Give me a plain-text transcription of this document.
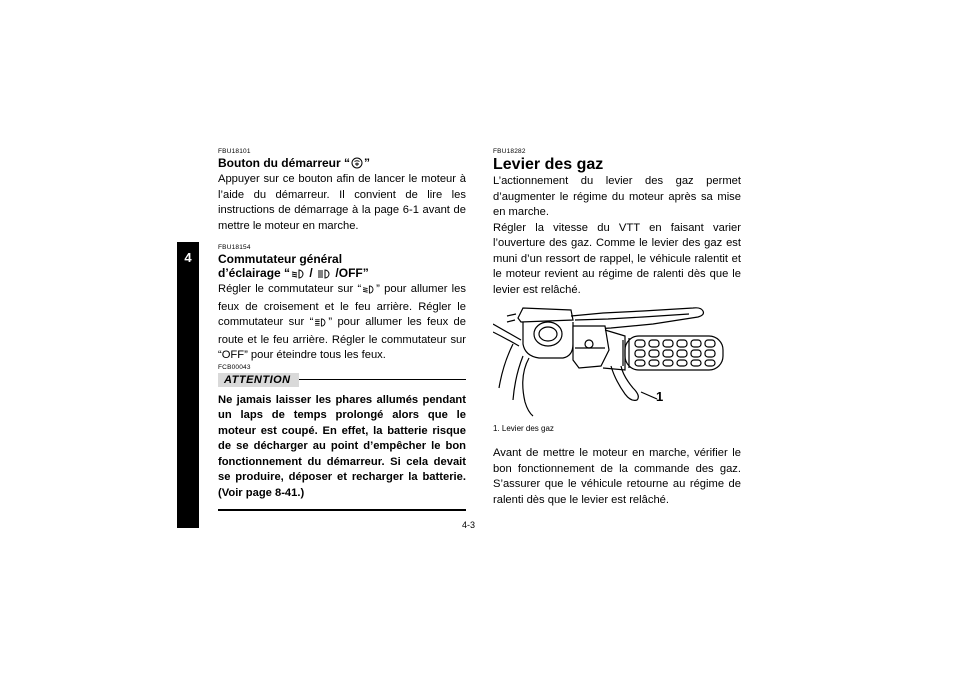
4

FBU18101

Bouton du démarreur “ ”

Appuyer sur ce bouton afin de lancer le moteur à l’aide du démarreur. Il convient de lire les instructions de démarrage à la page 6-1 avant de mettre le moteur en marche.

FBU18154

Commutateur général
d’éclairage “ /  /OFF”

Régler le commutateur sur “ ” pour allumer les feux de croisement et le feu arrière. Régler le commutateur sur “ ” pour allumer les feux de route et le feu arrière. Régler le commutateur sur “OFF” pour éteindre tous les feux.

FCB00043

ATTENTION

Ne jamais laisser les phares allumés pendant un laps de temps prolongé alors que le moteur est coupé. En effet, la batterie risque de se décharger au point d’empêcher le bon fonctionnement du démarreur. Si cela devait se produire, déposer et recharger la batterie. (Voir page 8-41.)

FBU18282

Levier des gaz

L’actionnement du levier des gaz permet d’augmenter le régime du moteur après sa mise en marche.

Régler la vitesse du VTT en faisant varier l’ouverture des gaz. Comme le levier des gaz est muni d’un ressort de rappel, le véhicule ralentit et le moteur revient au régime de ralenti dès que le levier est relâché.

1

1. Levier des gaz

Avant de mettre le moteur en marche, vérifier le bon fonctionnement de la commande des gaz. S’assurer que le véhicule retourne au régime de ralenti dès que le levier est relâché.

4-3
